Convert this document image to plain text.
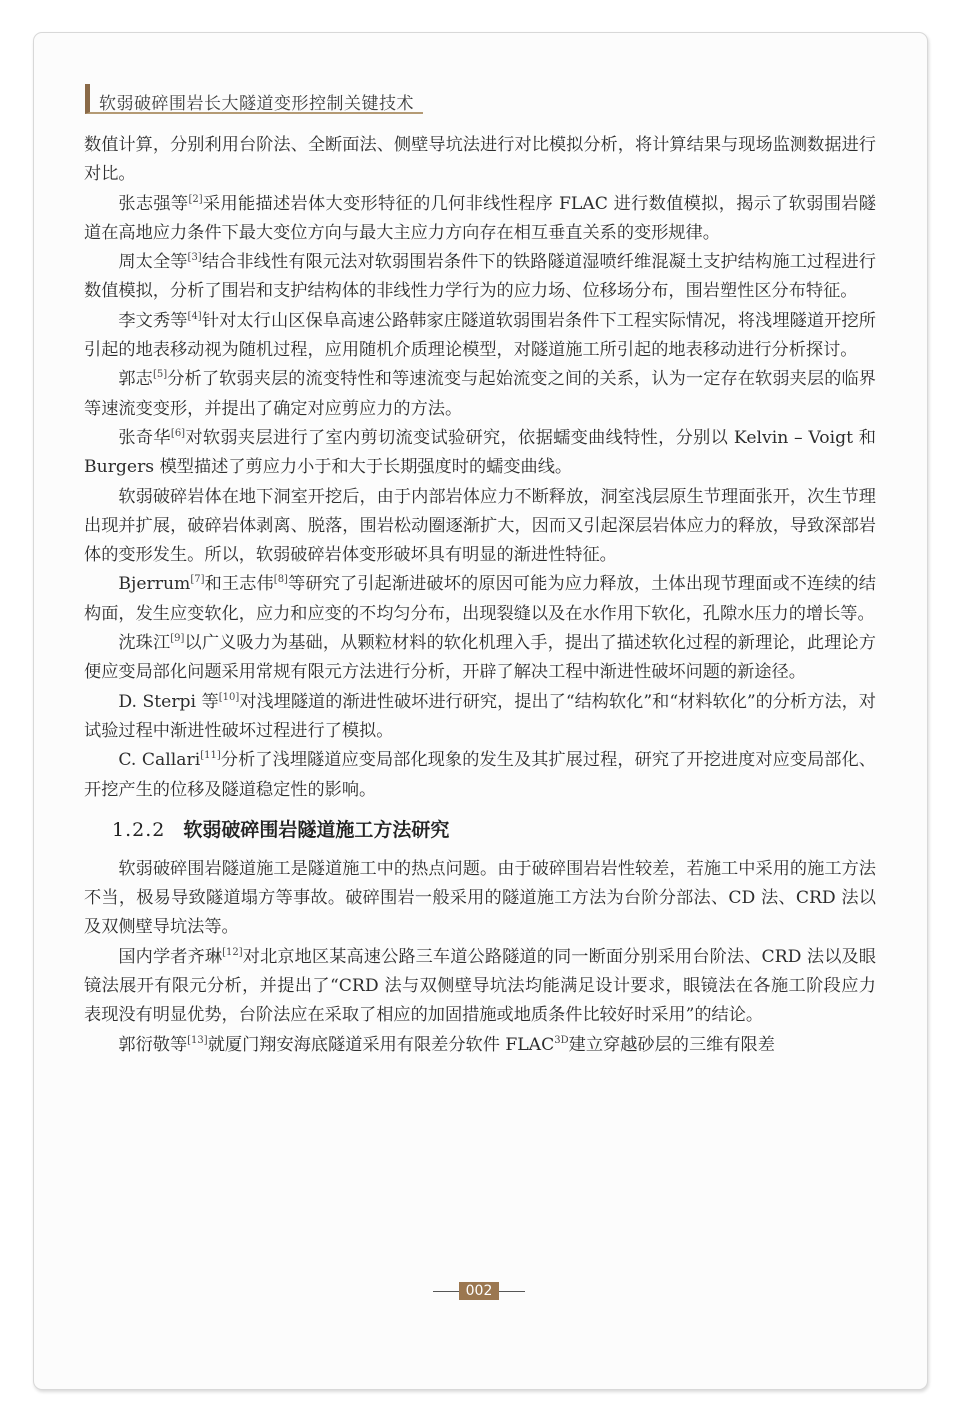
软弱破碎围岩长大隧道变形控制关键技术

数值计算，分别利用台阶法、全断面法、侧壁导坑法进行对比模拟分析，将计算结果与现场监测数据进行对比。

张志强等[2]采用能描述岩体大变形特征的几何非线性程序 FLAC 进行数值模拟，揭示了软弱围岩隧道在高地应力条件下最大变位方向与最大主应力方向存在相互垂直关系的变形规律。

周太全等[3]结合非线性有限元法对软弱围岩条件下的铁路隧道湿喷纤维混凝土支护结构施工过程进行数值模拟，分析了围岩和支护结构体的非线性力学行为的应力场、位移场分布，围岩塑性区分布特征。

李文秀等[4]针对太行山区保阜高速公路韩家庄隧道软弱围岩条件下工程实际情况，将浅埋隧道开挖所引起的地表移动视为随机过程，应用随机介质理论模型，对隧道施工所引起的地表移动进行分析探讨。

郭志[5]分析了软弱夹层的流变特性和等速流变与起始流变之间的关系，认为一定存在软弱夹层的临界等速流变变形，并提出了确定对应剪应力的方法。

张奇华[6]对软弱夹层进行了室内剪切流变试验研究，依据蠕变曲线特性，分别以 Kelvin – Voigt 和 Burgers 模型描述了剪应力小于和大于长期强度时的蠕变曲线。

软弱破碎岩体在地下洞室开挖后，由于内部岩体应力不断释放，洞室浅层原生节理面张开，次生节理出现并扩展，破碎岩体剥离、脱落，围岩松动圈逐渐扩大，因而又引起深层岩体应力的释放，导致深部岩体的变形发生。所以，软弱破碎岩体变形破坏具有明显的渐进性特征。

Bjerrum[7]和王志伟[8]等研究了引起渐进破坏的原因可能为应力释放，土体出现节理面或不连续的结构面，发生应变软化，应力和应变的不均匀分布，出现裂缝以及在水作用下软化，孔隙水压力的增长等。

沈珠江[9]以广义吸力为基础，从颗粒材料的软化机理入手，提出了描述软化过程的新理论，此理论方便应变局部化问题采用常规有限元方法进行分析，开辟了解决工程中渐进性破坏问题的新途径。

D. Sterpi 等[10]对浅埋隧道的渐进性破坏进行研究，提出了“结构软化”和“材料软化”的分析方法，对试验过程中渐进性破坏过程进行了模拟。

C. Callari[11]分析了浅埋隧道应变局部化现象的发生及其扩展过程，研究了开挖进度对应变局部化、开挖产生的位移及隧道稳定性的影响。

1.2.2 软弱破碎围岩隧道施工方法研究

软弱破碎围岩隧道施工是隧道施工中的热点问题。由于破碎围岩岩性较差，若施工中采用的施工方法不当，极易导致隧道塌方等事故。破碎围岩一般采用的隧道施工方法为台阶分部法、CD 法、CRD 法以及双侧壁导坑法等。

国内学者齐琳[12]对北京地区某高速公路三车道公路隧道的同一断面分别采用台阶法、CRD 法以及眼镜法展开有限元分析，并提出了“CRD 法与双侧壁导坑法均能满足设计要求，眼镜法在各施工阶段应力表现没有明显优势，台阶法应在采取了相应的加固措施或地质条件比较好时采用”的结论。

郭衍敬等[13]就厦门翔安海底隧道采用有限差分软件 $FLAC^{3D}$建立穿越砂层的三维有限差

002
